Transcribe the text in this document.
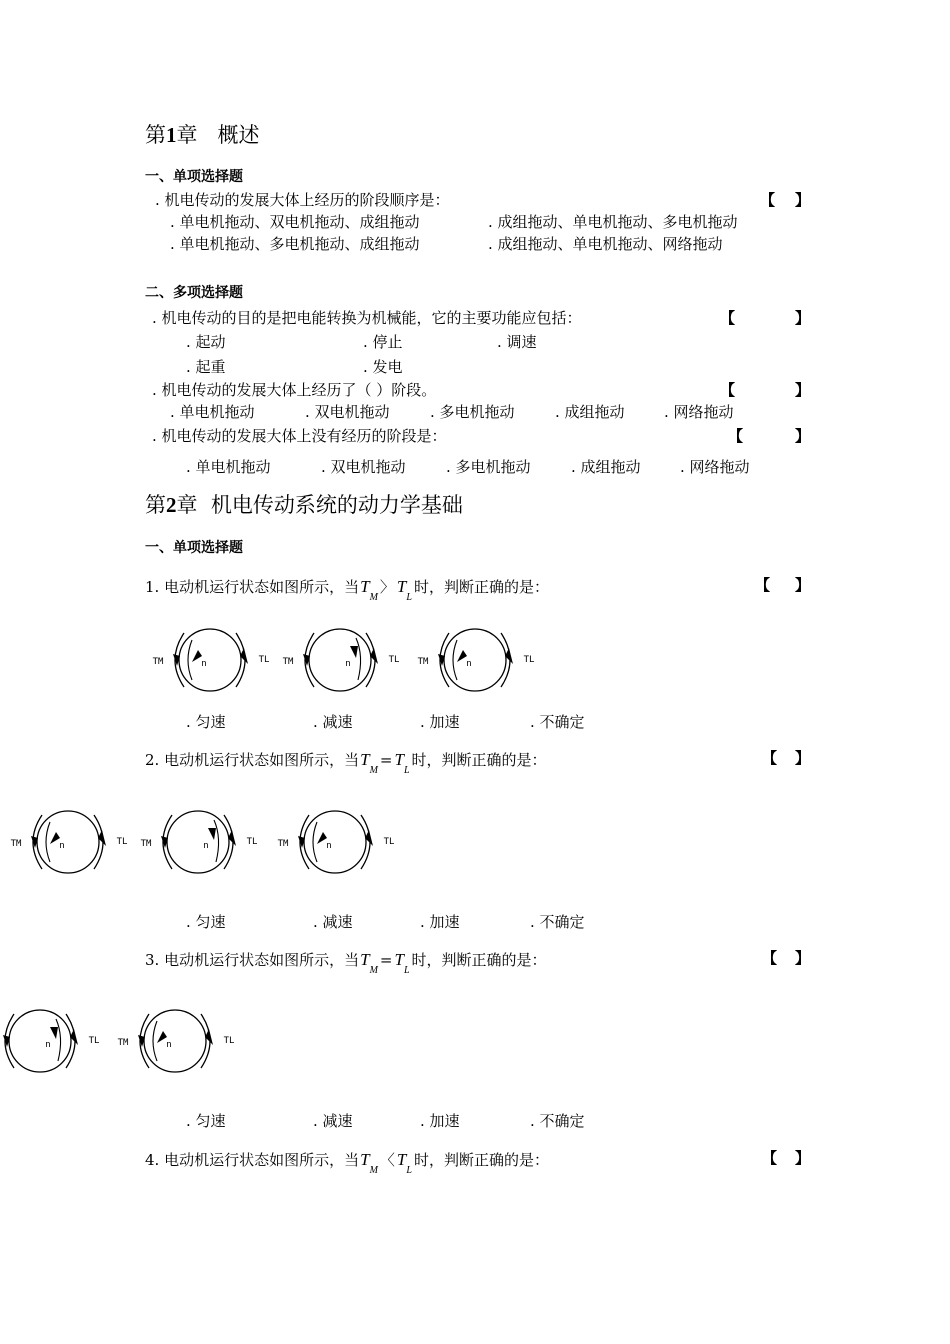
第1章   概述
一、单项选择题
. 机电传动的发展大体上经历的阶段顺序是：	【 】
. 单电机拖动、双电机拖动、成组拖动	. 成组拖动、单电机拖动、多电机拖动
. 单电机拖动、多电机拖动、成组拖动	. 成组拖动、单电机拖动、网络拖动
二、多项选择题
. 机电传动的目的是把电能转换为机械能，它的主要功能应包括：	【	】
. 起动	. 停止	. 调速
. 起重	. 发电
. 机电传动的发展大体上经历了（ ）阶段。	【	】
. 单电机拖动	. 双电机拖动	. 多电机拖动	. 成组拖动	. 网络拖动
. 机电传动的发展大体上没有经历的阶段是：	【	】
. 单电机拖动	. 双电机拖动	. 多电机拖动	. 成组拖动	. 网络拖动
第2章  机电传动系统的动力学基础
一、单项选择题
1. 电动机运行状态如图所示，当$T_M$〉 $T_L$时，判断正确的是：	【 】
2. 电动机运行状态如图所示，当$T_M= T_L$时，判断正确的是：	【 】
3. 电动机运行状态如图所示，当$T_M= T_L$时，判断正确的是：	【 】
4. 电动机运行状态如图所示，当$T_M$〈 $T_L$时，判断正确的是：	【 】
. 匀速	. 减速	. 加速	. 不确定
. 匀速	. 减速	. 加速	. 不确定
. 匀速	. 减速	. 加速	. 不确定
TM	TL
n	TM	TL
n	TM	TL
n
TM	TL
n	TM	TL
n	TM	TL
n
TL
n	TM	TL
n
